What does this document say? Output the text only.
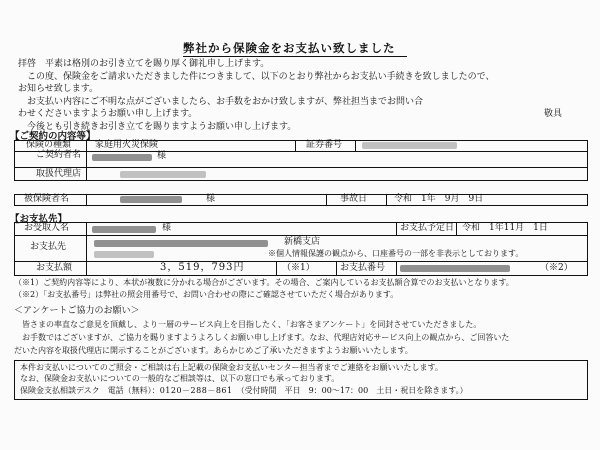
弊社から保険金をお支払い致しました
拝啓　平素は格別のお引き立てを賜り厚く御礼申し上げます。
　この度、保険金をご請求いただきました件につきまして、以下のとおり弊社からお支払い手続きを致しましたので、
お知らせ致します。
　お支払い内容にご不明な点がございましたら、お手数をおかけ致しますが、弊社担当までお問い合
わせくださいますようお願い申し上げます。
　今後とも引き続きお引き立てを賜りますようお願い申し上げます。
敬具
【ご契約の内容等】
保険の種類	家庭用火災保険	証券番号
ご契約者名	様
取扱代理店
被保険者名	様	事故日	令和　1年　9月　9日
【お支払先】
お受取人名	様	お支払予定日 令和　1年11月　1日
お支払先	新橋支店
※個人情報保護の観点から、口座番号の一部を非表示としております。
お支払額	3，519，793円	（※1）	お支払番号	（※2）
（※1）ご契約内容等により、本状が複数に分かれる場合がございます。その場合、ご案内しているお支払額合算でのお支払いとなります。
（※2）「お支払番号」は弊社の照会用番号で、お問い合わせの際にご確認させていただく場合があります。
＜アンケートご協力のお願い＞
　皆さまの率直なご意見を頂戴し、より一層のサービス向上を目指したく、「お客さまアンケート」を同封させていただきました。
　お手数ではございますが、ご協力を賜りますようよろしくお願い申し上げます。なお、代理店対応サービス向上の観点から、ご回答いた
だいた内容を取扱代理店に開示することがございます。あらかじめご了承いただきますようお願いいたします。
本件お支払いについてのご照会・ご相談は右上記載の保険金お支払いセンター担当者までご連絡をお願いいたします。
なお、保険金お支払いについての一般的なご相談等は、以下の窓口でも承っております。
保険金支払相談デスク　 電話（無料）：0120－288－861　 （受付時間　平日　9：00～17：00　土日・祝日を除きます。）
